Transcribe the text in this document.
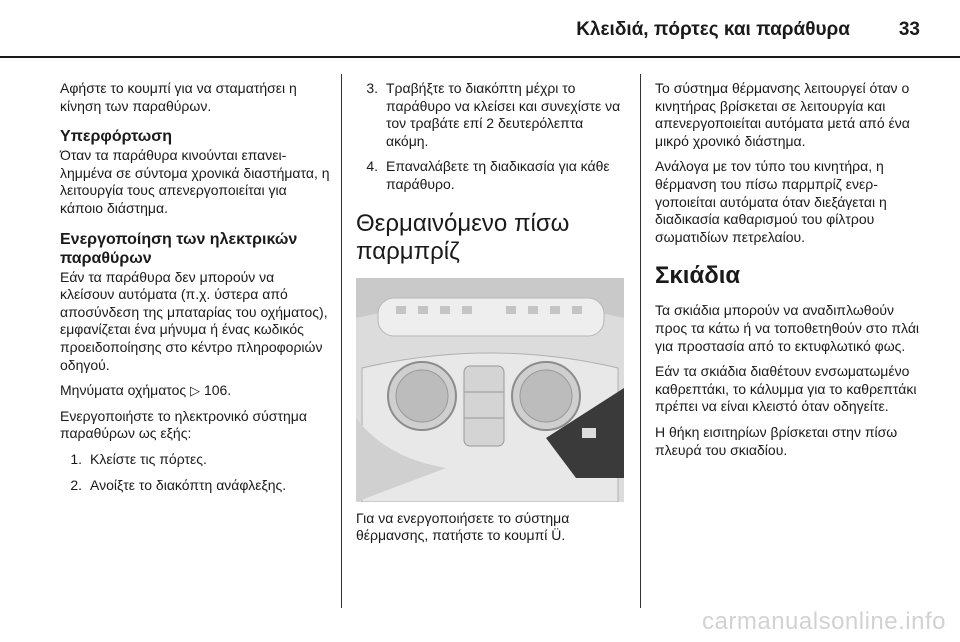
Κλειδιά, πόρτες και παράθυρα	33

Αφήστε το κουμπί για να σταματήσει η κίνηση των παραθύρων.

Υπερφόρτωση

Όταν τα παράθυρα κινούνται επανειλημμένα σε σύντομα χρονικά διαστήματα, η λειτουργία τους απενεργοποιείται για κάποιο διάστημα.

Ενεργοποίηση των ηλεκτρικών παραθύρων

Εάν τα παράθυρα δεν μπορούν να κλείσουν αυτόματα (π.χ. ύστερα από αποσύνδεση της μπαταρίας του οχήματος), εμφανίζεται ένα μήνυμα ή ένας κωδικός προειδοποίησης στο κέντρο πληροφοριών οδηγού.

Μηνύματα οχήματος ▷ 106.

Ενεργοποιήστε το ηλεκτρονικό σύστημα παραθύρων ως εξής:

1. Κλείστε τις πόρτες.
2. Ανοίξτε το διακόπτη ανάφλεξης.
3. Τραβήξτε το διακόπτη μέχρι το παράθυρο να κλείσει και συνεχίστε να τον τραβάτε επί 2 δευτερόλεπτα ακόμη.
4. Επαναλάβετε τη διαδικασία για κάθε παράθυρο.
Θερμαινόμενο πίσω παρμπρίζ

Για να ενεργοποιήσετε το σύστημα θέρμανσης, πατήστε το κουμπί Ü.

Το σύστημα θέρμανσης λειτουργεί όταν ο κινητήρας βρίσκεται σε λειτουργία και απενεργοποιείται αυτόματα μετά από ένα μικρό χρονικό διάστημα.

Ανάλογα με τον τύπο του κινητήρα, η θέρμανση του πίσω παρμπρίζ ενεργοποιείται αυτόματα όταν διεξάγεται η διαδικασία καθαρισμού του φίλτρου σωματιδίων πετρελαίου.

Σκιάδια

Τα σκιάδια μπορούν να αναδιπλωθούν προς τα κάτω ή να τοποθετηθούν στο πλάι για προστασία από το εκτυφλωτικό φως.

Εάν τα σκιάδια διαθέτουν ενσωματωμένο καθρεπτάκι, το κάλυμμα για το καθρεπτάκι πρέπει να είναι κλειστό όταν οδηγείτε.

Η θήκη εισιτηρίων βρίσκεται στην πίσω πλευρά του σκιαδίου.

carmanualsonline.info
